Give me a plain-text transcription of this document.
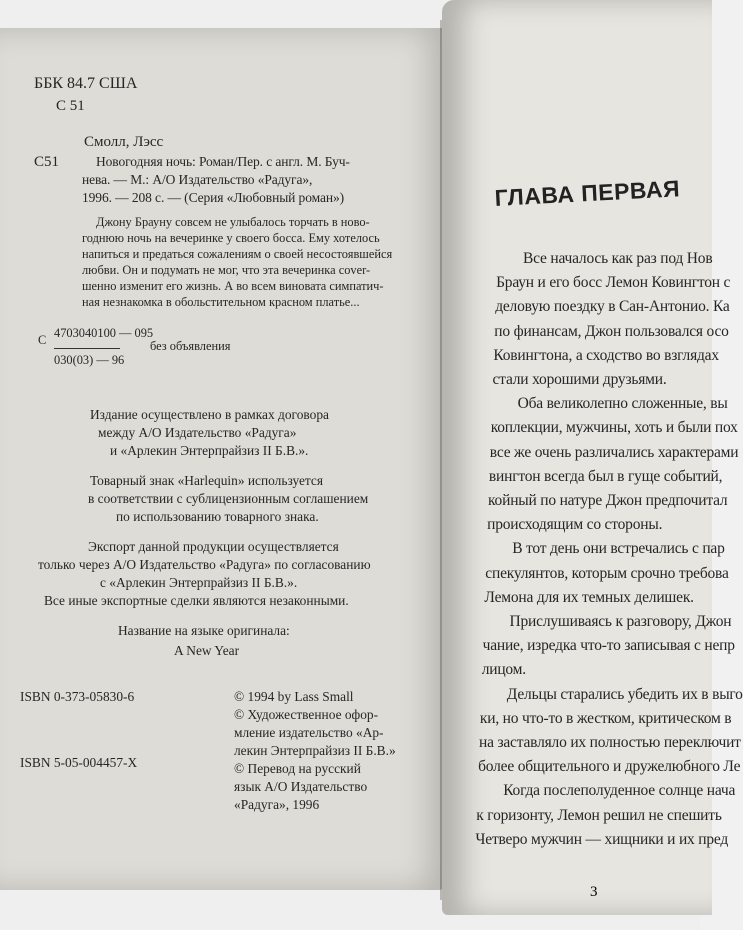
ББК 84.7 США
С 51
Смолл, Лэсс
С51	Новогодняя ночь: Роман/Пер. с англ. М. Буч-
нева. — М.: А/О Издательство «Радуга»,
1996. — 208 с. — (Серия «Любовный роман»)
Джону Брауну совсем не улыбалось торчать в ново-
годнюю ночь на вечеринке у своего босса. Ему хотелось
напиться и предаться сожалениям о своей несостоявшейся
любви. Он и подумать не мог, что эта вечеринка сover-
шенно изменит его жизнь. А во всем виноватa симпатич-
ная незнакомка в обольстительном красном платье...
С 4703040100 — 095
030(03) — 96
без объявления
Издание осуществлено в рамках договора
между А/О Издательство «Радуга»
и «Арлекин Энтерпрайзиз II Б.В.».
Товарный знак «Harlequin» используется
в соответствии с сублицензионным соглашением
по использованию товарного знака.
Экспорт данной продукции осуществляется
только через А/О Издательство «Радуга» по согласованию
с «Арлекин Энтерпрайзиз II Б.В.».
Все иные экспортные сделки являются незаконными.
Название на языке оригинала:
A New Year
ISBN 0-373-05830-6
ISBN 5-05-004457-X
© 1994 by Lass Small
© Художественное офор-
мление издательство «Ар-
лекин Энтерпрайзиз II Б.В.»
© Перевод на русский
язык А/О Издательство
«Радуга», 1996
Все началось как раз под Нов
Браун и его босс Лемон Ковингтон с
деловую поездку в Сан-Антонио. Ка
по финансам, Джон пользовался осо
Ковингтона, а сходство во взглядах
стали хорошими друзьями.
Оба великолепно сложенные, вы
коплекции, мужчины, хоть и были пох
все же очень различались характерами
вингтон всегда был в гуще событий,
койный по натуре Джон предпочитал
происходящим со стороны.
В тот день они встречались с пар
спекулянтов, которым срочно требова
Лемона для их темных делишек.
Прислушиваясь к разговору, Джон
чание, изредка что-то записывая с непр
лицом.
Дельцы старались убедить их в выго
ки, но что-то в жестком, критическом в
на заставляло их полностью переключит
более общительного и дружелюбного Ле
Когда послеполуденное солнце нача
к горизонту, Лемон решил не спешить
Четверо мужчин — хищники и их пред
ГЛАВА ПЕРВАЯ
3
